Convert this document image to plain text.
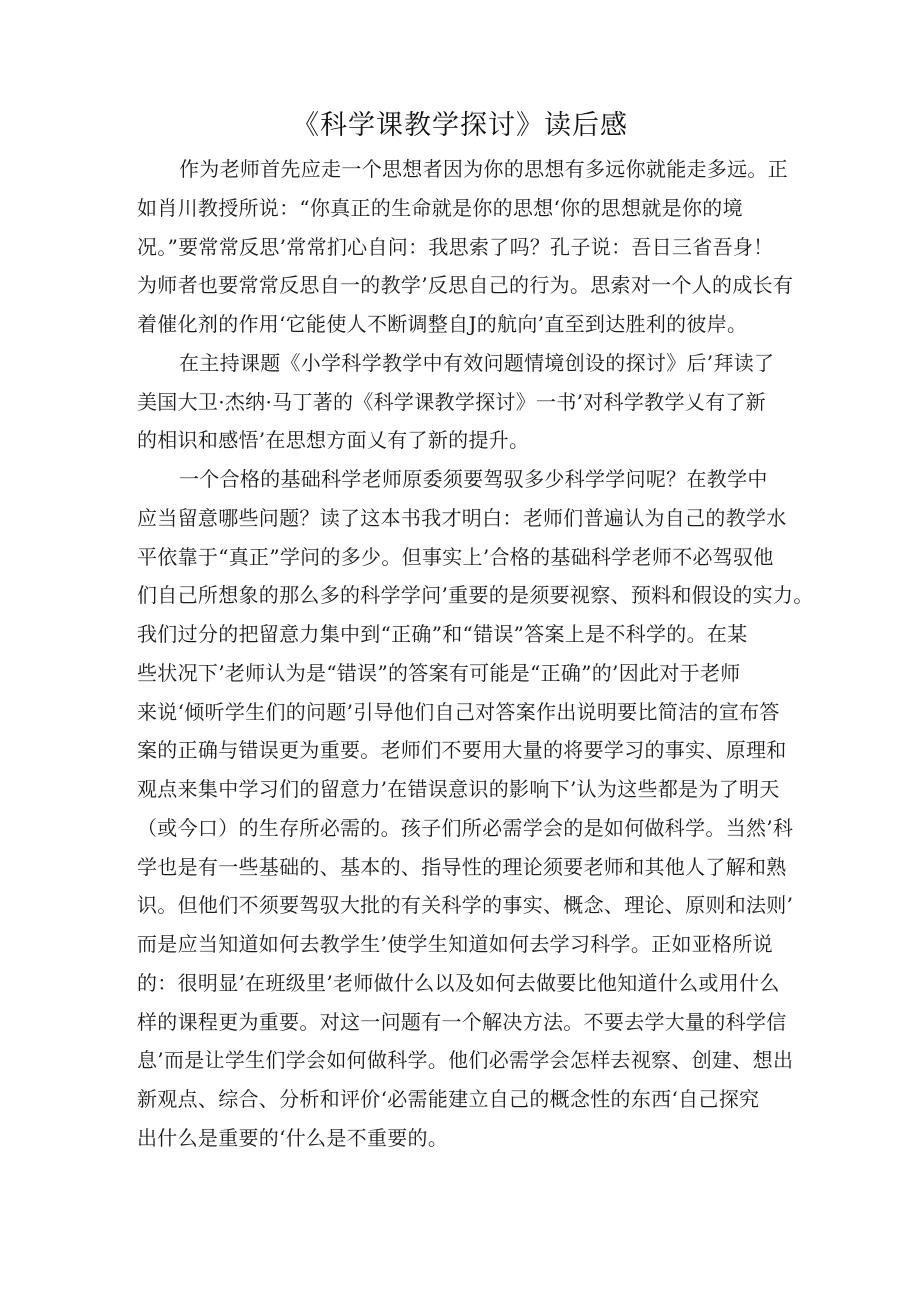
《科学课教学探讨》读后感
作为老师首先应走一个思想者因为你的思想有多远你就能走多远。正
如肖川教授所说：“你真正的生命就是你的思想‘你的思想就是你的境
况。”要常常反思’常常扪心自问：我思索了吗？孔子说：吾日三省吾身！
为师者也要常常反思自一的教学’反思自己的行为。思索对一个人的成长有
着催化剂的作用‘它能使人不断调整自J的航向’直至到达胜利的彼岸。
在主持课题《小学科学教学中有效问题情境创设的探讨》后’拜读了
美国大卫·杰纳·马丁著的《科学课教学探讨》一书’对科学教学乂有了新
的相识和感悟’在思想方面乂有了新的提升。
一个合格的基础科学老师原委须要驾驭多少科学学问呢？在教学中
应当留意哪些问题？读了这本书我才明白：老师们普遍认为自己的教学水
平依靠于“真正”学问的多少。但事实上’合格的基础科学老师不必驾驭他
们自己所想象的那么多的科学学问’重要的是须要视察、预料和假设的实力。
我们过分的把留意力集中到“正确”和“错误”答案上是不科学的。在某
些状况下’老师认为是“错误”的答案有可能是“正确”的’因此对于老师
来说‘倾听学生们的问题’引导他们自己对答案作出说明要比简洁的宣布答
案的正确与错误更为重要。老师们不要用大量的将要学习的事实、原理和
观点来集中学习们的留意力’在错误意识的影响下’认为这些都是为了明天
（或今口）的生存所必需的。孩子们所必需学会的是如何做科学。当然’科
学也是有一些基础的、基本的、指导性的理论须要老师和其他人了解和熟
识。但他们不须要驾驭大批的有关科学的事实、概念、理论、原则和法则’
而是应当知道如何去教学生’使学生知道如何去学习科学。正如亚格所说
的：很明显’在班级里’老师做什么以及如何去做要比他知道什么或用什么
样的课程更为重要。对这一问题有一个解决方法。不要去学大量的科学信
息’而是让学生们学会如何做科学。他们必需学会怎样去视察、创建、想出
新观点、综合、分析和评价‘必需能建立自己的概念性的东西‘自己探究
出什么是重要的‘什么是不重要的。
